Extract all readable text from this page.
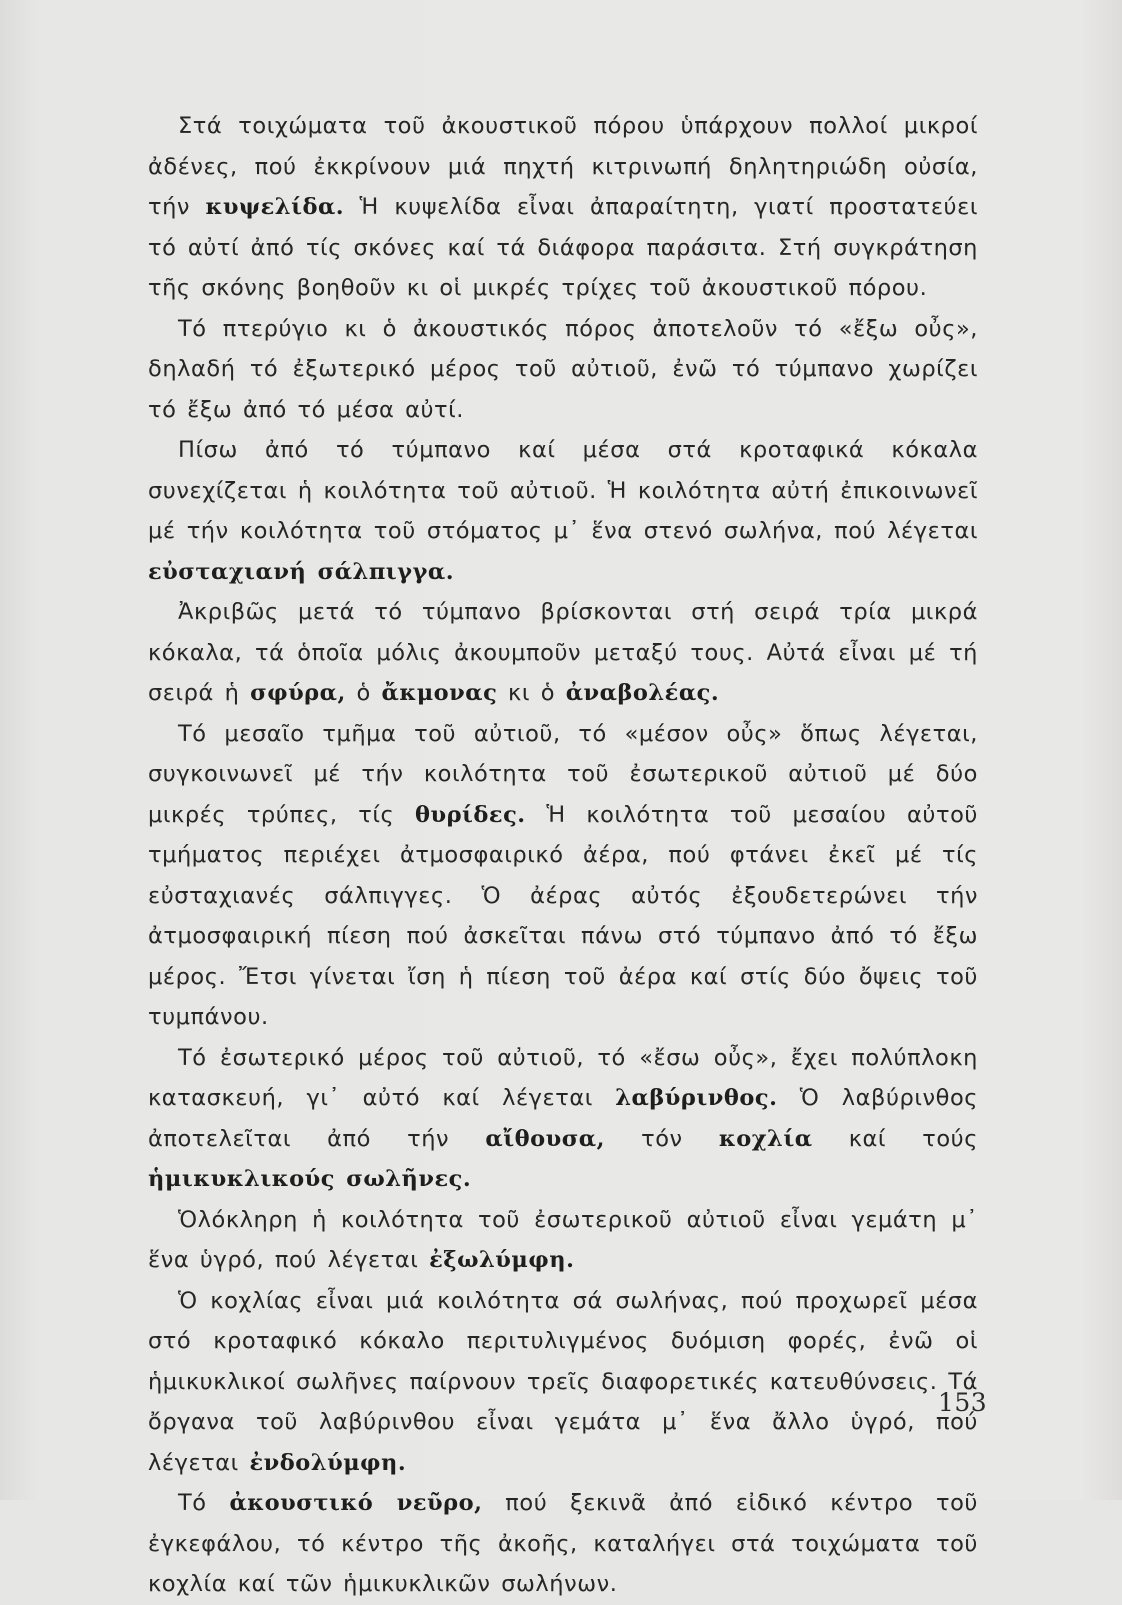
Στά τοιχώματα τοῦ ἀκουστικοῦ πόρου ὑπάρχουν πολλοί μικροί ἀδένες, πού ἐκκρίνουν μιά πηχτή κιτρινωπή δηλητηριώδη οὐσία, τήν κυψελίδα. Ἡ κυψελίδα εἶναι ἀπαραίτητη, γιατί προστατεύει τό αὐτί ἀπό τίς σκόνες καί τά διάφορα παράσιτα. Στή συγκράτηση τῆς σκόνης βοηθοῦν κι οἱ μικρές τρίχες τοῦ ἀκουστικοῦ πόρου.

Τό πτερύγιο κι ὁ ἀκουστικός πόρος ἀποτελοῦν τό «ἔξω οὖς», δηλαδή τό ἐξωτερικό μέρος τοῦ αὐτιοῦ, ἐνῶ τό τύμπανο χωρίζει τό ἔξω ἀπό τό μέσα αὐτί.

Πίσω ἀπό τό τύμπανο καί μέσα στά κροταφικά κόκαλα συνεχίζεται ἡ κοιλότητα τοῦ αὐτιοῦ. Ἡ κοιλότητα αὐτή ἐπικοινωνεῖ μέ τήν κοιλότητα τοῦ στόματος μ᾿ ἕνα στενό σωλήνα, πού λέγεται εὐσταχιανή σάλπιγγα.

Ἀκριβῶς μετά τό τύμπανο βρίσκονται στή σειρά τρία μικρά κόκαλα, τά ὁποῖα μόλις ἀκουμποῦν μεταξύ τους. Αὐτά εἶναι μέ τή σειρά ἡ σφύρα, ὁ ἄκμονας κι ὁ ἀναβολέας.

Τό μεσαῖο τμῆμα τοῦ αὐτιοῦ, τό «μέσον οὖς» ὅπως λέγεται, συγκοινωνεῖ μέ τήν κοιλότητα τοῦ ἐσωτερικοῦ αὐτιοῦ μέ δύο μικρές τρύπες, τίς θυρίδες. Ἡ κοιλότητα τοῦ μεσαίου αὐτοῦ τμήματος περιέχει ἀτμοσφαιρικό ἀέρα, πού φτάνει ἐκεῖ μέ τίς εὐσταχιανές σάλπιγγες. Ὁ ἀέρας αὐτός ἐξουδετερώνει τήν ἀτμοσφαιρική πίεση πού ἀσκεῖται πάνω στό τύμπανο ἀπό τό ἔξω μέρος. Ἔτσι γίνεται ἴση ἡ πίεση τοῦ ἀέρα καί στίς δύο ὄψεις τοῦ τυμπάνου.

Τό ἐσωτερικό μέρος τοῦ αὐτιοῦ, τό «ἔσω οὖς», ἔχει πολύπλοκη κατασκευή, γι᾿ αὐτό καί λέγεται λαβύρινθος. Ὁ λαβύρινθος ἀποτελεῖται ἀπό τήν αἴθουσα, τόν κοχλία καί τούς ἡμικυκλικούς σωλῆνες.

Ὁλόκληρη ἡ κοιλότητα τοῦ ἐσωτερικοῦ αὐτιοῦ εἶναι γεμάτη μ᾿ ἕνα ὑγρό, πού λέγεται ἐξωλύμφη.

Ὁ κοχλίας εἶναι μιά κοιλότητα σά σωλήνας, πού προχωρεῖ μέσα στό κροταφικό κόκαλο περιτυλιγμένος δυόμιση φορές, ἐνῶ οἱ ἡμικυκλικοί σωλῆνες παίρνουν τρεῖς διαφορετικές κατευθύνσεις. Τά ὄργανα τοῦ λαβύρινθου εἶναι γεμάτα μ᾿ ἕνα ἄλλο ὑγρό, πού λέγεται ἐνδολύμφη.

Τό ἀκουστικό νεῦρο, πού ξεκινᾶ ἀπό εἰδικό κέντρο τοῦ ἐγκεφάλου, τό κέντρο τῆς ἀκοῆς, καταλήγει στά τοιχώματα τοῦ κοχλία καί τῶν ἡμικυκλικῶν σωλήνων.

153
